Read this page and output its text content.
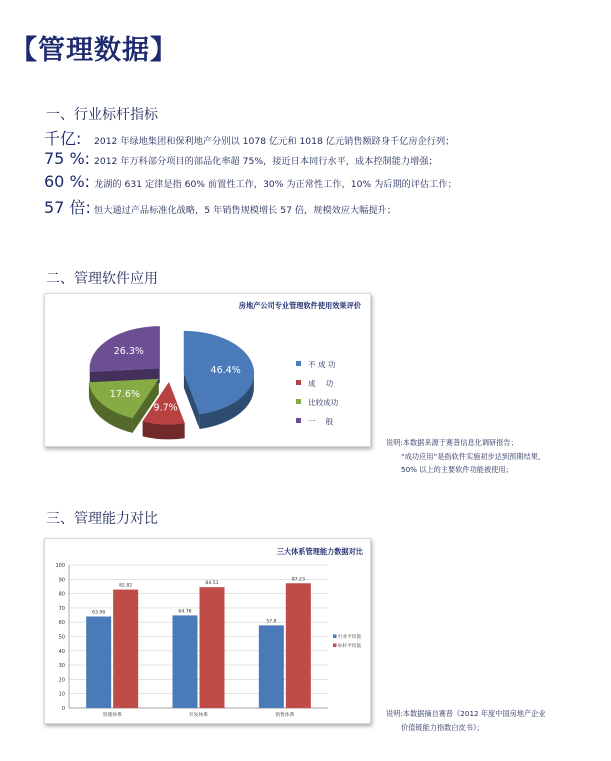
【管理数据】
一、行业标杆指标
千亿: 2012 年绿地集团和保利地产分别以 1078 亿元和 1018 亿元销售额跻身千亿房企行列；
75 %: 2012 年万科部分项目的部品化率超 75%，接近日本同行水平，成本控制能力增强；
60 %: 龙湖的 631 定律是指 60% 前置性工作，30% 为正常性工作，10% 为后期的评估工作；
57 倍: 恒大通过产品标准化战略，5 年销售规模增长 57 倍，规模效应大幅提升；
二、管理软件应用
房地产公司专业管理软件使用效果评价
46.4%
9.7%
17.6%
26.3%
不 成 功
成　 功
比较成功
一　 般
说明:本数据来源于赛普信息化调研报告；
“成功应用”是指软件实施初步达到预期结果，
50% 以上的主要软件功能被使用；
三、管理能力对比
三大体系管理能力数据对比
0
10
20
30
40
50
60
70
80
90
100
63.98
82.82
管理体系
64.76
84.51
开发体系
57.8
87.23
销售体系
行业平均值
标杆平均值
说明:本数据摘自赛普《2012 年度中国房地产企业
价值链能力指数白皮书》；
